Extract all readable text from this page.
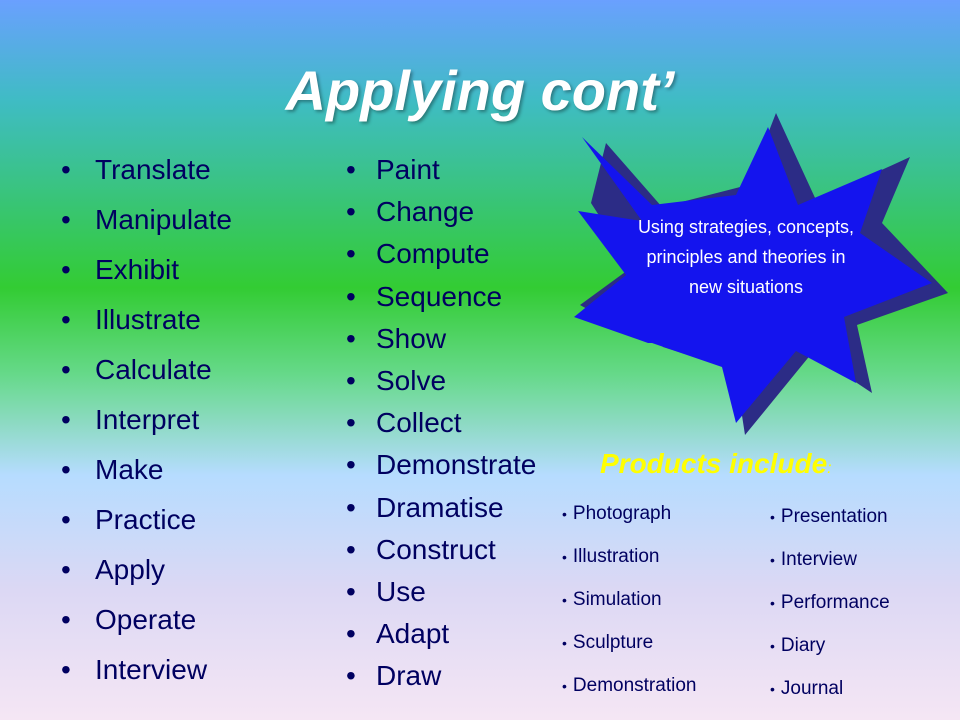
Applying cont’
• Translate
• Manipulate
• Exhibit
• Illustrate
• Calculate
• Interpret
• Make
• Practice
• Apply
• Operate
• Interview
• Paint
• Change
• Compute
• Sequence
• Show
• Solve
• Collect
• Demonstrate
• Dramatise
• Construct
• Use
• Adapt
• Draw
Using strategies, concepts, principles and theories in new situations
Products include:
• Photograph
• Illustration
• Simulation
• Sculpture
• Demonstration
• Presentation
• Interview
• Performance
• Diary
• Journal
